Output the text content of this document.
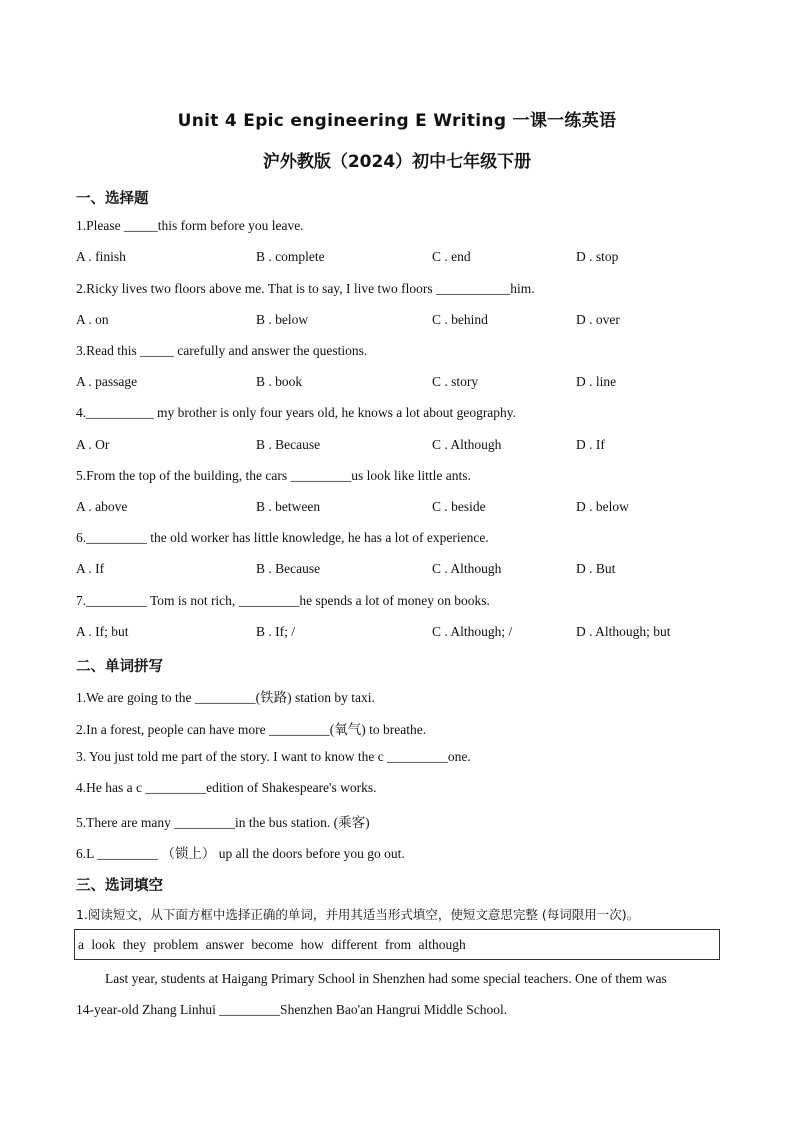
Unit 4 Epic engineering E Writing 一课一练英语
沪外教版（2024）初中七年级下册
一、选择题
1.Please _____this form before you leave.
A . finish	B . complete	C . end	D . stop
2.Ricky lives two floors above me. That is to say, I live two floors ___________him.
A . on	B . below	C . behind	D . over
3.Read this _____ carefully and answer the questions.
A . passage	B . book	C . story	D . line
4.__________ my brother is only four years old, he knows a lot about geography.
A . Or	B . Because	C . Although	D . If
5.From the top of the building, the cars _________us look like little ants.
A . above	B . between	C . beside	D . below
6._________ the old worker has little knowledge, he has a lot of experience.
A . If	B . Because	C . Although	D . But
7._________ Tom is not rich, _________he spends a lot of money on books.
A . If; but	B . If; /	C . Although; /	D . Although; but
二、单词拼写
1.We are going to the _________(铁路) station by taxi.
2.In a forest, people can have more _________(氧气) to breathe.
3. You just told me part of the story. I want to know the c _________one.
4.He has a c _________edition of Shakespeare's works.
5.There are many _________in the bus station. (乘客)
6.L _________ （锁上） up all the doors before you go out.
三、选词填空
1.阅读短文，从下面方框中选择正确的单词，并用其适当形式填空，使短文意思完整 (每词限用一次)。
a look they problem answer become how different from although
Last year, students at Haigang Primary School in Shenzhen had some special teachers. One of them was
14-year-old Zhang Linhui _________Shenzhen Bao'an Hangrui Middle School.
